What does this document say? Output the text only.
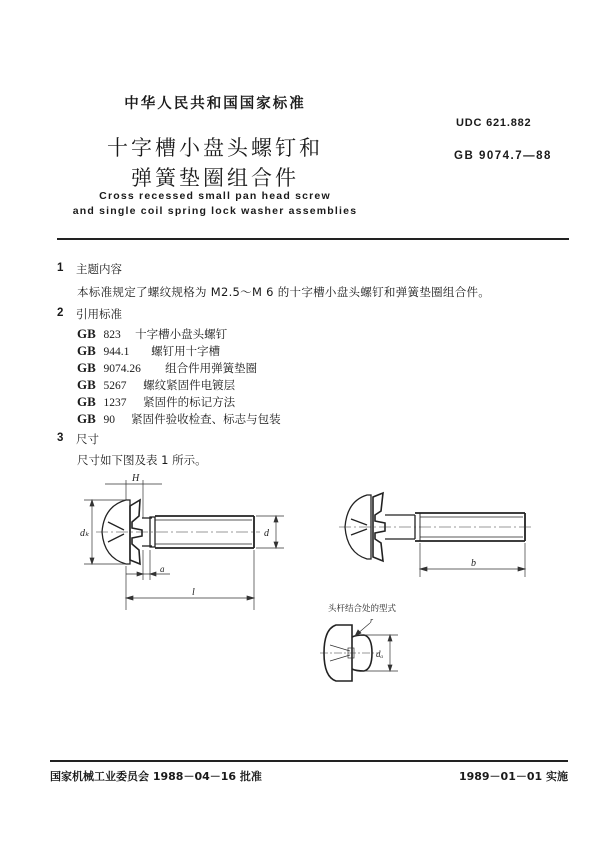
中华人民共和国国家标准
十字槽小盘头螺钉和
弹簧垫圈组合件
Cross recessed small pan head screw
and single coil spring lock washer assemblies
UDC 621.882
GB 9074.7—88
1 主题内容
本标准规定了螺纹规格为 M2.5～M 6 的十字槽小盘头螺钉和弹簧垫圈组合件。
2 引用标准
GB 823 十字槽小盘头螺钉
GB 944.1 螺钉用十字槽
GB 9074.26 组合件用弹簧垫圈
GB 5267 螺纹紧固件电镀层
GB 1237 紧固件的标记方法
GB 90 紧固件验收检查、标志与包装
3 尺寸
尺寸如下图及表 1 所示。
H
dₖ
a
l
d
b
头杆结合处的型式
r
dₐ
国家机械工业委员会 1988－04－16 批准	1989－01－01 实施
